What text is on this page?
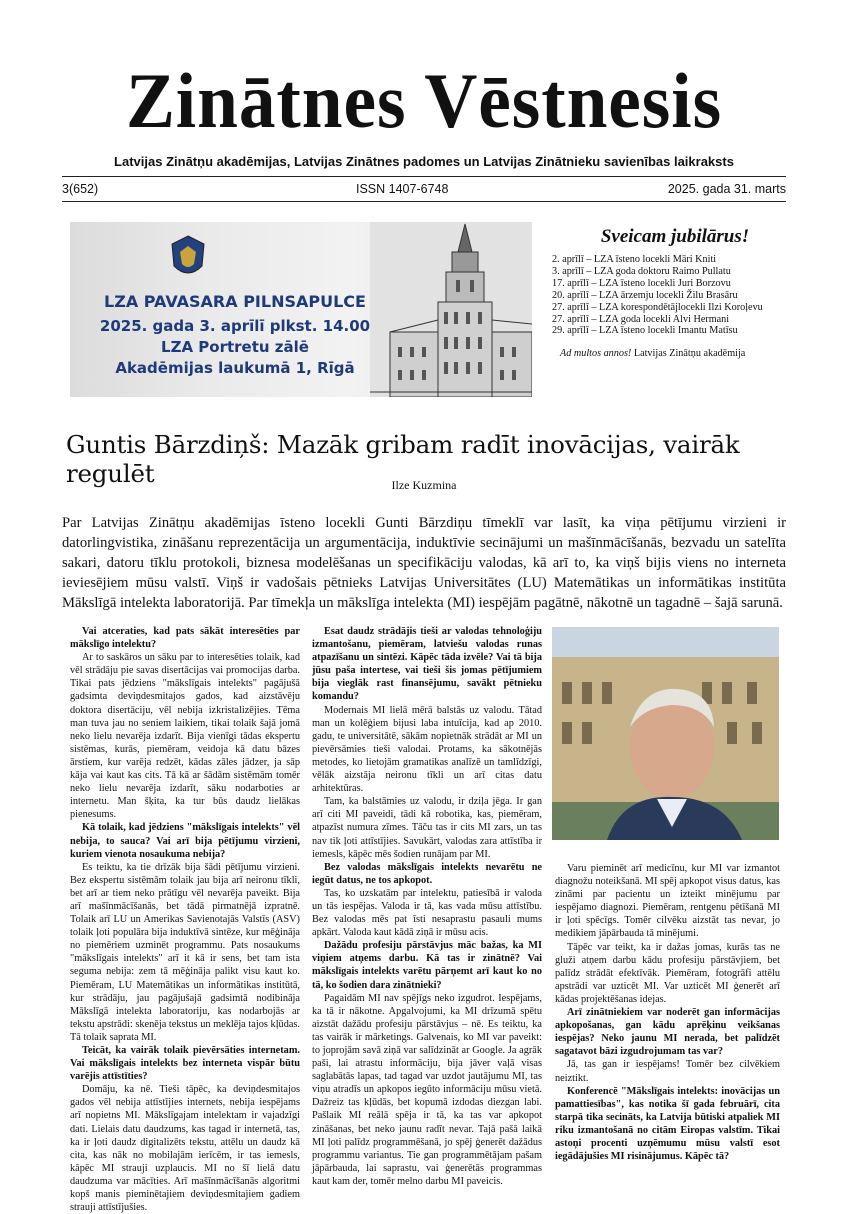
Zinātnes Vēstnesis
Latvijas Zinātņu akadēmijas, Latvijas Zinātnes padomes un Latvijas Zinātnieku savienības laikraksts
3(652)	ISSN 1407-6748	2025. gada 31. marts
LZA PAVASARA PILNSAPULCE
2025. gada 3. aprīlī plkst. 14.00
LZA Portretu zālē
Akadēmijas laukumā 1, Rīgā
Sveicam jubilārus!
2. aprīlī – LZA īsteno locekli Māri Kniti
3. aprīlī – LZA goda doktoru Raimo Pullatu
17. aprīlī – LZA īsteno locekli Juri Borzovu
20. aprīlī – LZA ārzemju locekli Žilu Brasāru
27. aprīlī – LZA korespondētājlocekli Ilzi Koroļevu
27. aprīlī – LZA goda locekli Alvi Hermani
29. aprīlī – LZA īsteno locekli Imantu Matīsu
Ad multos annos! Latvijas Zinātņu akadēmija
Guntis Bārzdiņš: Mazāk gribam radīt inovācijas, vairāk regulēt	Ilze Kuzmina
Par Latvijas Zinātņu akadēmijas īsteno locekli Gunti Bārzdiņu tīmeklī var lasīt, ka viņa pētījumu virzieni ir datorlingvistika, zināšanu reprezentācija un argumentācija, induktīvie secinājumi un mašīnmācīšanās, bezvadu un satelīta sakari, datoru tīklu protokoli, biznesa modelēšanas un specifikāciju valodas, kā arī to, ka viņš bijis viens no interneta ieviesējiem mūsu valstī. Viņš ir vadošais pētnieks Latvijas Universitātes (LU) Matemātikas un informātikas institūta Mākslīgā intelekta laboratorijā. Par tīmekļa un mākslīga intelekta (MI) iespējām pagātnē, nākotnē un tagadnē – šajā sarunā.

Vai atceraties, kad pats sākāt interesēties par mākslīgo intelektu?

Ar to saskāros un sāku par to interesēties tolaik, kad vēl strādāju pie savas disertācijas vai promocijas darba. Tikai pats jēdziens "mākslīgais intelekts" pagājušā gadsimta deviņdesmitajos gados, kad aizstāvēju doktora disertāciju, vēl nebija izkristalizējies. Tēma man tuva jau no seniem laikiem, tikai tolaik šajā jomā neko lielu nevarēja izdarīt. Bija vienīgi tādas ekspertu sistēmas, kurās, piemēram, veidoja kā datu bāzes ārstiem, kur varēja redzēt, kādas zāles jādzer, ja sāp kāja vai kaut kas cits. Tā kā ar šādām sistēmām tomēr neko lielu nevarēja izdarīt, sāku nodarboties ar internetu. Man šķita, ka tur būs daudz lielākas pienesums.

Kā tolaik, kad jēdziens "mākslīgais intelekts" vēl nebija, to sauca? Vai arī bija pētījumu virzieni, kuriem vienota nosaukuma nebija?

Es teiktu, ka tie drīzāk bija šādi pētījumu virzieni. Bez ekspertu sistēmām tolaik jau bija arī neironu tīkli, bet arī ar tiem neko prātīgu vēl nevarēja paveikt. Bija arī mašīnmācīšanās, bet tādā pirmatnējā izpratnē. Tolaik arī LU un Amerikas Savienotajās Valstīs (ASV) tolaik ļoti populāra bija induktīvā sintēze, kur mēģināja no piemēriem uzminēt programmu. Pats nosaukums "mākslīgais intelekts" arī it kā ir sens, bet tam ista seguma nebija: zem tā mēģināja palikt visu kaut ko. Piemēram, LU Matemātikas un informātikas institūtā, kur strādāju, jau pagājušajā gadsimtā nodibināja Mākslīgā intelekta laboratoriju, kas nodarbojās ar tekstu apstrādi: skenēja tekstus un meklēja tajos kļūdas. Tā tolaik saprata MI.

Teicāt, ka vairāk tolaik pievērsāties internetam. Vai mākslīgais intelekts bez interneta vispār būtu varējis attīstīties?

Domāju, ka nē. Tieši tāpēc, ka deviņdesmitajos gados vēl nebija attīstījies internets, nebija iespējams arī nopietns MI. Mākslīgajam intelektam ir vajadzīgi dati. Lielais datu daudzums, kas tagad ir internetā, tas, ka ir ļoti daudz digitalizēts tekstu, attēlu un daudz kā cita, kas nāk no mobilajām ierīcēm, ir tas iemesls, kāpēc MI strauji uzplaucis. MI no šī lielā datu daudzuma var mācīties. Arī mašīnmācīšanās algoritmi kopš manis pieminētajiem deviņdesmitajiem gadiem strauji attīstījušies.

Esat daudz strādājis tieši ar valodas tehnoloģiju izmantošanu, piemēram, latviešu valodas runas atpazīšanu un sintēzi. Kāpēc tāda izvēle? Vai tā bija jūsu paša intertese, vai tieši šis jomas pētījumiem bija vieglāk rast finansējumu, savākt pētnieku komandu?

Modernais MI lielā mērā balstās uz valodu. Tātad man un kolēģiem bijusi laba intuīcija, kad ap 2010. gadu, te universitātē, sākām nopietnāk strādāt ar MI un pievērsāmies tieši valodai. Protams, ka sākotnējās metodes, ko lietojām gramatikas analīzē un tamlīdzīgi, vēlāk aizstāja neironu tīkli un arī citas datu arhitektūras.

Tam, ka balstāmies uz valodu, ir dziļa jēga. Ir gan arī citi MI paveidi, tādi kā robotika, kas, piemēram, atpazīst numura zīmes. Tāču tas ir cits MI zars, un tas nav tik ļoti attīstījies. Savukārt, valodas zara attīstība ir iemesls, kāpēc mēs šodien runājam par MI.

Bez valodas mākslīgais intelekts nevarētu ne iegūt datus, ne tos apkopot.

Tas, ko uzskatām par intelektu, patiesībā ir valoda un tās iespējas. Valoda ir tā, kas vada mūsu attīstību. Bez valodas mēs pat īsti nesaprastu pasauli mums apkārt. Valoda kaut kādā ziņā ir mūsu acis.

Dažādu profesiju pārstāvjus māc bažas, ka MI viņiem atņems darbu. Kā tas ir zinātnē? Vai mākslīgais intelekts varētu pārņemt arī kaut ko no tā, ko šodien dara zinātnieki?

Pagaidām MI nav spējīgs neko izgudrot. Iespējams, ka tā ir nākotne. Apgalvojumi, ka MI drīzumā spētu aizstāt dažādu profesiju pārstāvjus – nē. Es teiktu, ka tas vairāk ir mārketings. Galvenais, ko MI var paveikt: to joprojām savā ziņā var salīdzināt ar Google. Ja agrāk paši, lai atrastu informāciju, bija jāver vaļā visas saglabātās lapas, tad tagad var uzdot jautājumu MI, tas viņu atradīs un apkopos iegūto informāciju mūsu vietā. Dažreiz tas kļūdās, bet kopumā izdodas diezgan labi. Pašlaik MI reālā spēja ir tā, ka tas var apkopot zināšanas, bet neko jaunu radīt nevar. Tajā pašā laikā MI ļoti palīdz programmēšanā, jo spēj ģenerēt dažādus programmu variantus. Tie gan programmētājam pašam jāpārbauda, lai saprastu, vai ģenerētās programmas kaut kam der, tomēr melno darbu MI paveicis.

Varu pieminēt arī medicīnu, kur MI var izmantot diagnožu noteikšanā. MI spēj apkopot visus datus, kas zināmi par pacientu un izteikt minējumu par iespējamo diagnozi. Piemēram, rentgenu pētīšanā MI ir ļoti spēcīgs. Tomēr cilvēku aizstāt tas nevar, jo medikiem jāpārbauda tā minējumi.

Tāpēc var teikt, ka ir dažas jomas, kurās tas ne gluži atņem darbu kādu profesiju pārstāvjiem, bet palīdz strādāt efektīvāk. Piemēram, fotogrāfi attēlu apstrādi var uzticēt MI. Var uzticēt MI ģenerēt arī kādas projektēšanas idejas.

Arī zinātniekiem var noderēt gan informācijas apkopošanas, gan kādu aprēķinu veikšanas iespējas? Neko jaunu MI nerada, bet palīdzēt sagatavot bāzi izgudrojumam tas var?

Jā, tas gan ir iespējams! Tomēr bez cilvēkiem neiztikt.

Konferencē "Mākslīgais intelekts: inovācijas un pamattiesības", kas notika šī gada februārī, cita starpā tika secināts, ka Latvija būtiski atpaliek MI riku izmantošanā no citām Eiropas valstīm. Tikai astoņi procenti uzņēmumu mūsu valstī esot iegādājušies MI risinājumus. Kāpēc tā?
